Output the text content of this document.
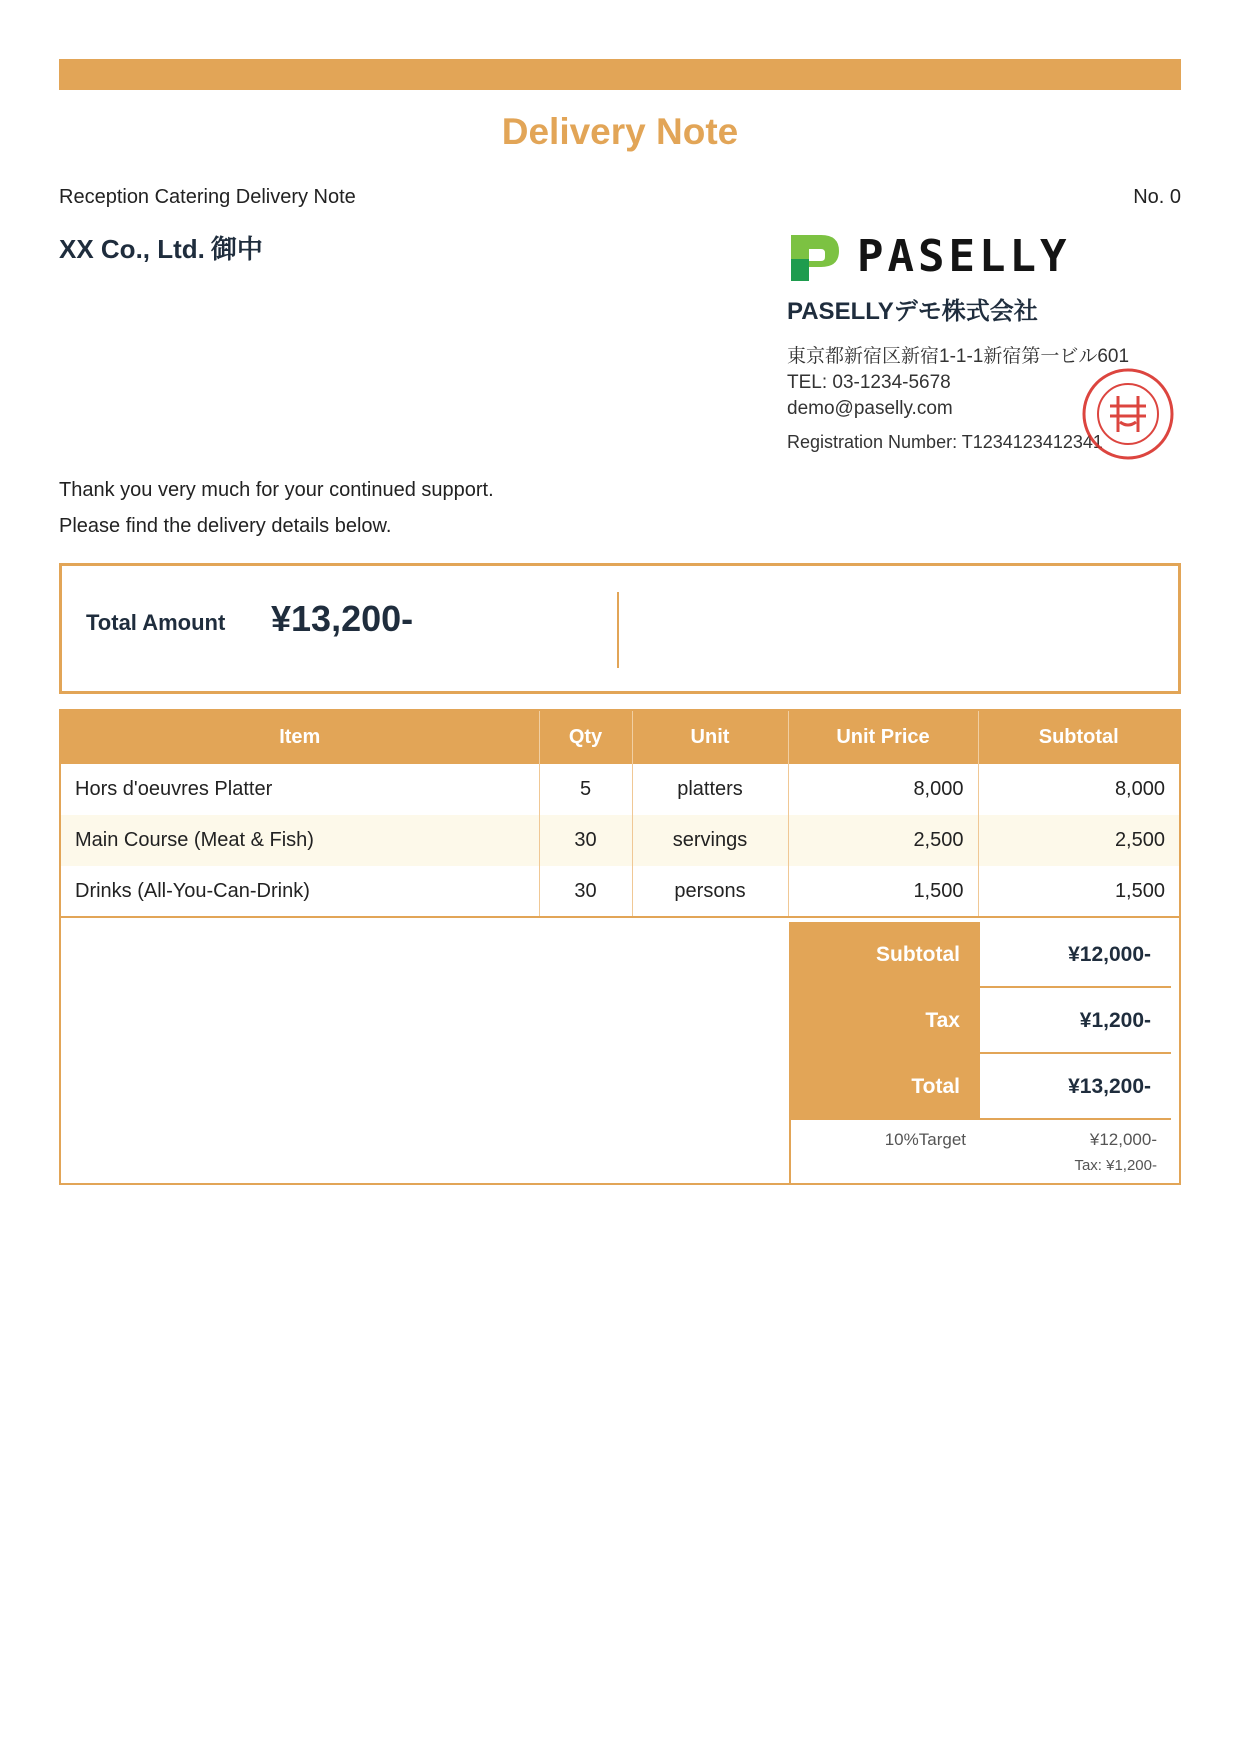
Delivery Note
Reception Catering Delivery Note	No. 0
XX Co., Ltd. 御中	PASELLY
PASELLYデモ株式会社
東京都新宿区新宿1-1-1新宿第一ビル601
TEL: 03-1234-5678
demo@paselly.com
Registration Number: T1234123412341
Thank you very much for your continued support.
Please find the delivery details below.
Total Amount ¥13,200-
Item	Qty	Unit	Unit Price	Subtotal
Hors d'oeuvres Platter	5	platters	8,000	8,000
Main Course (Meat & Fish)	30	servings	2,500	2,500
Drinks (All-You-Can-Drink)	30	persons	1,500	1,500
Subtotal	¥12,000-
Tax	¥1,200-
Total	¥13,200-
10%Target	¥12,000-
Tax: ¥1,200-
